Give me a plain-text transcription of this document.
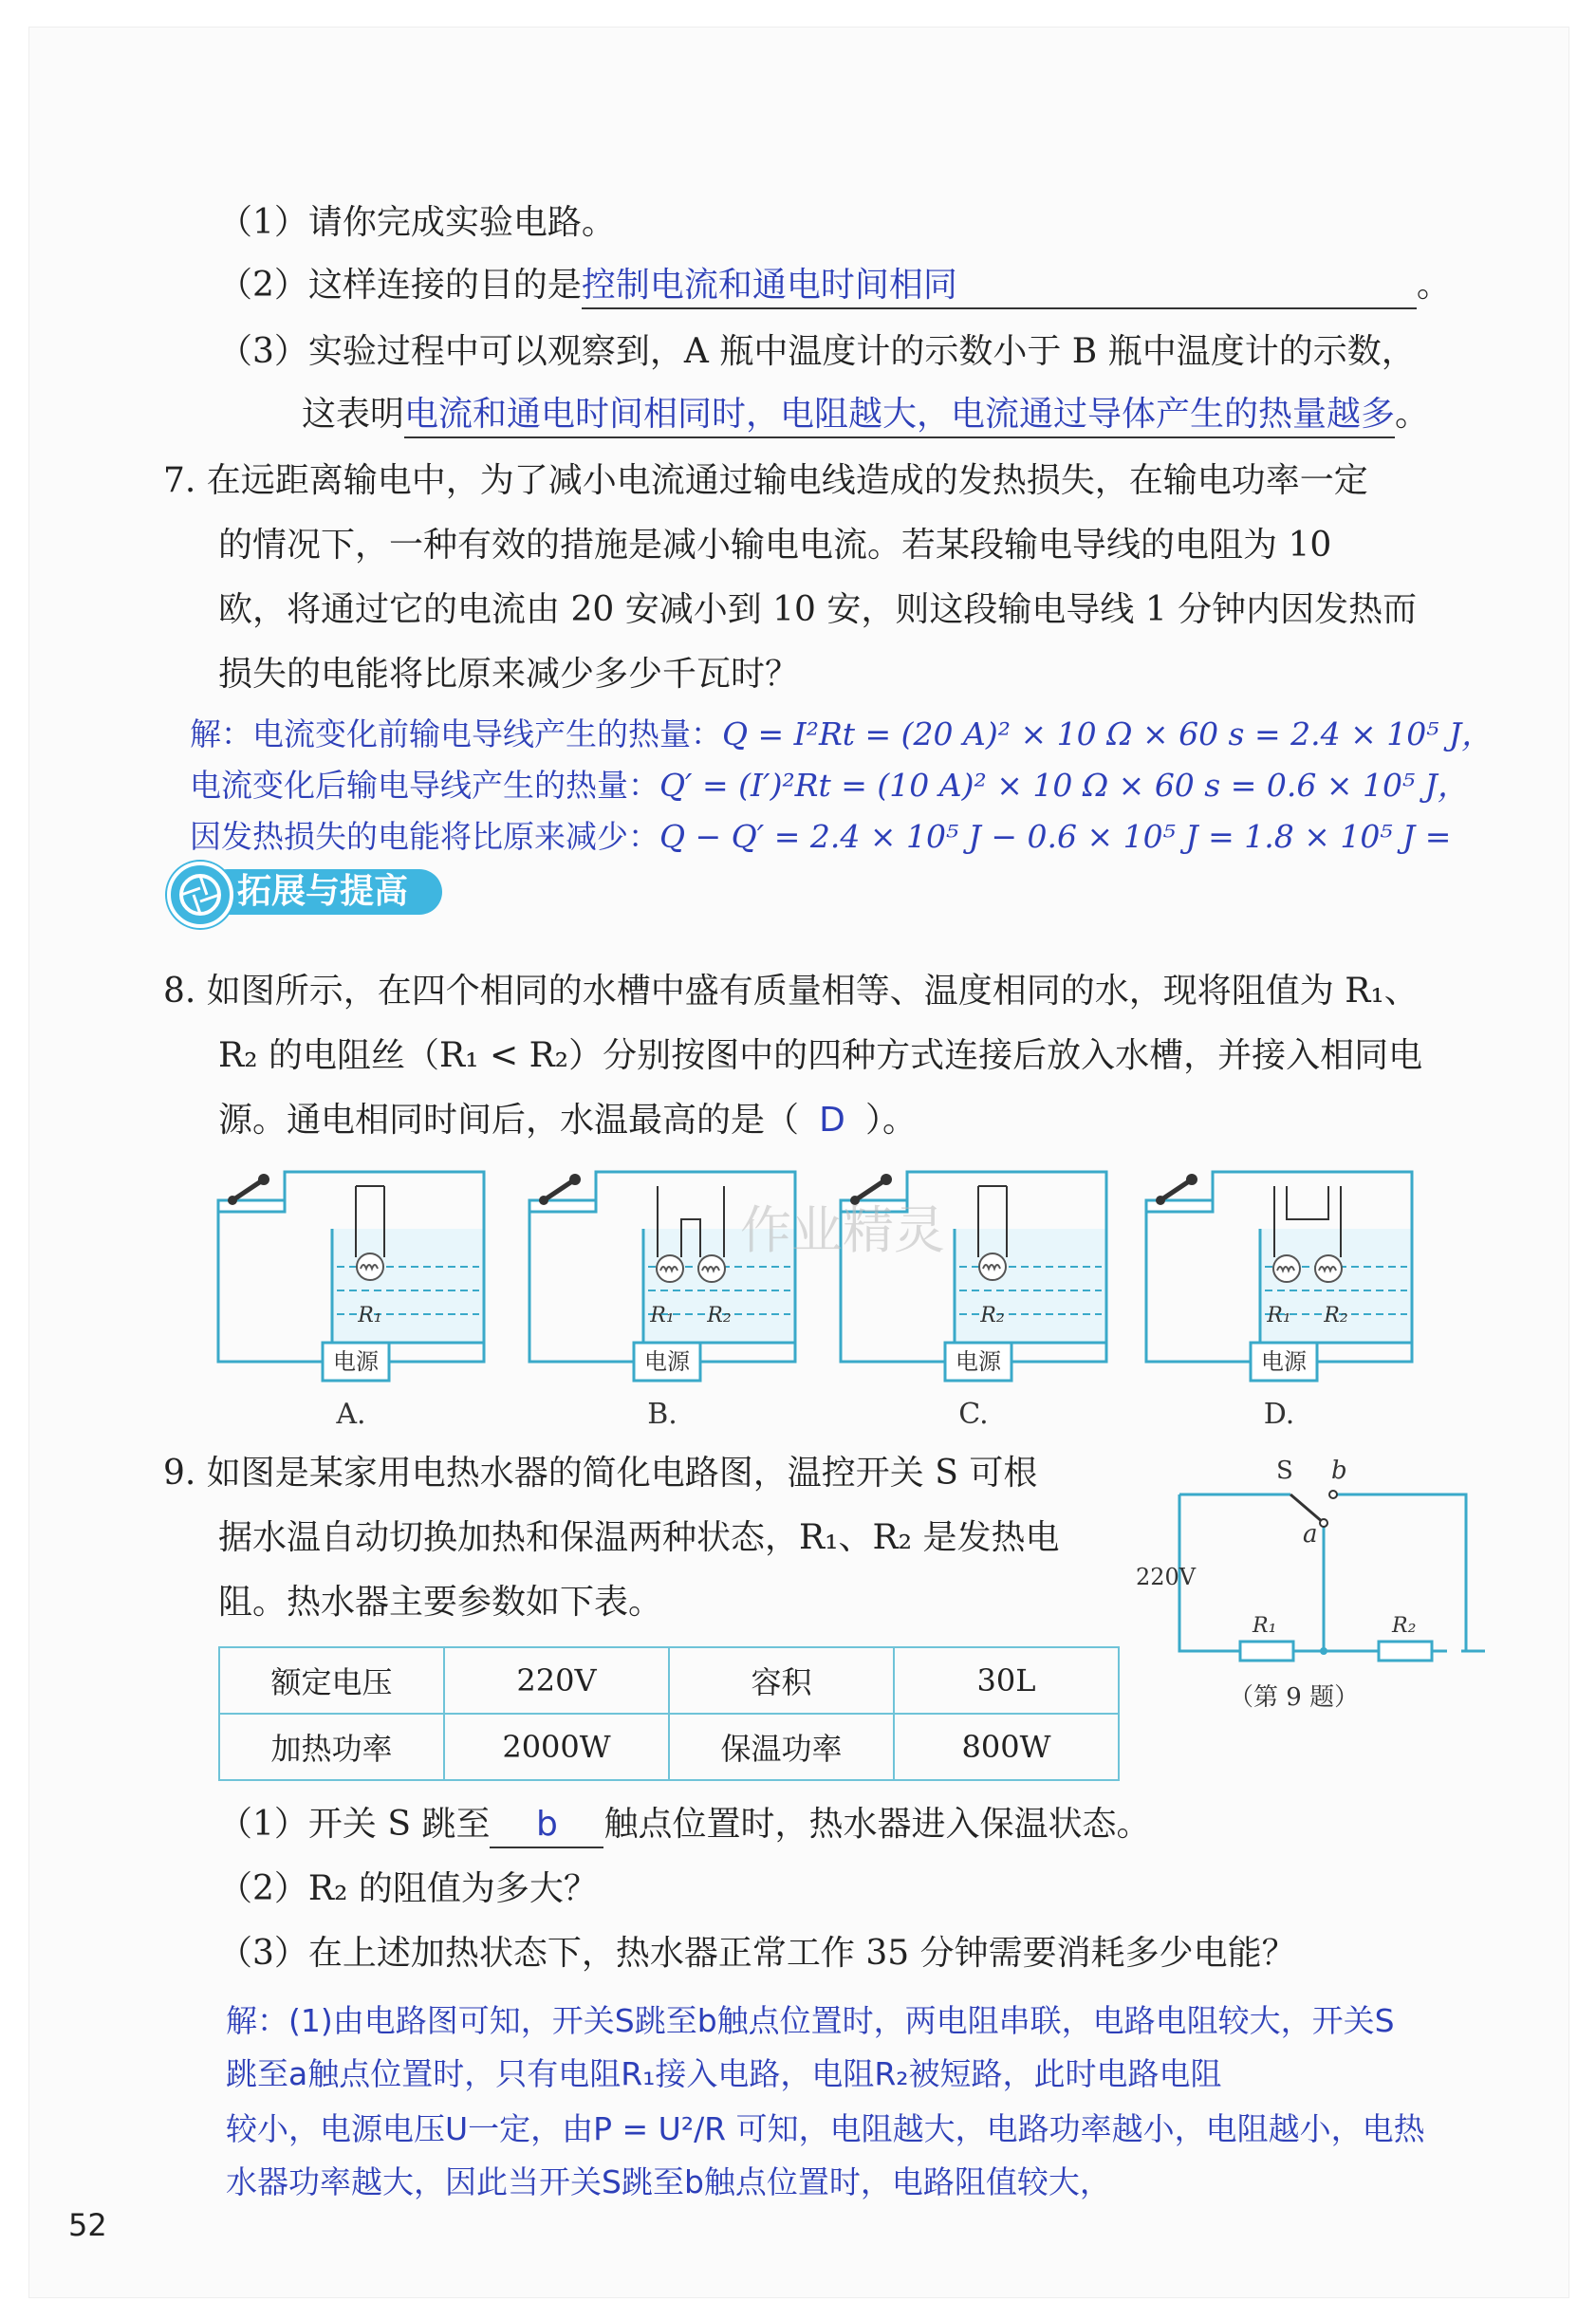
（1）请你完成实验电路。
（2）这样连接的目的是控制电流和通电时间相同	。
（3）实验过程中可以观察到，A 瓶中温度计的示数小于 B 瓶中温度计的示数，
这表明电流和通电时间相同时，电阻越大，电流通过导体产生的热量越多。
7. 在远距离输电中，为了减小电流通过输电线造成的发热损失，在输电功率一定
的情况下，一种有效的措施是减小输电电流。若某段输电导线的电阻为 10
欧，将通过它的电流由 20 安减小到 10 安，则这段输电导线 1 分钟内因发热而
损失的电能将比原来减少多少千瓦时？
解：电流变化前输电导线产生的热量：Q = I²Rt = (20 A)² × 10 Ω × 60 s = 2.4 × 10⁵ J，
电流变化后输电导线产生的热量：Q′ = (I′)²Rt = (10 A)² × 10 Ω × 60 s = 0.6 × 10⁵ J，
因发热损失的电能将比原来减少：Q − Q′ = 2.4 × 10⁵ J − 0.6 × 10⁵ J = 1.8 × 10⁵ J =
拓展与提高
8. 如图所示，在四个相同的水槽中盛有质量相等、温度相同的水，现将阻值为 R₁、
R₂ 的电阻丝（R₁ < R₂）分别按图中的四种方式连接后放入水槽，并接入相同电
源。通电相同时间后，水温最高的是（ D ）。
电源
R₁
A.
电源
R₁ R₂
B.
电源
R₂
C.
电源
R₁ R₂
D.
作业精灵
9. 如图是某家用电热水器的简化电路图，温控开关 S 可根
据水温自动切换加热和保温两种状态，R₁、R₂ 是发热电
阻。热水器主要参数如下表。
S b
a
220V
R₁	R₂
（第 9 题）
额定电压	220V	容积	30L
加热功率	2000W	保温功率	800W
（1）开关 S 跳至 b 触点位置时，热水器进入保温状态。
（2）R₂ 的阻值为多大？
（3）在上述加热状态下，热水器正常工作 35 分钟需要消耗多少电能？
解：(1)由电路图可知，开关S跳至b触点位置时，两电阻串联，电路电阻较大，开关S
跳至a触点位置时，只有电阻R₁接入电路，电阻R₂被短路，此时电路电阻
较小，电源电压U一定，由P = U²/R 可知，电阻越大，电路功率越小，电阻越小，电热
水器功率越大，因此当开关S跳至b触点位置时，电路阻值较大，
52
